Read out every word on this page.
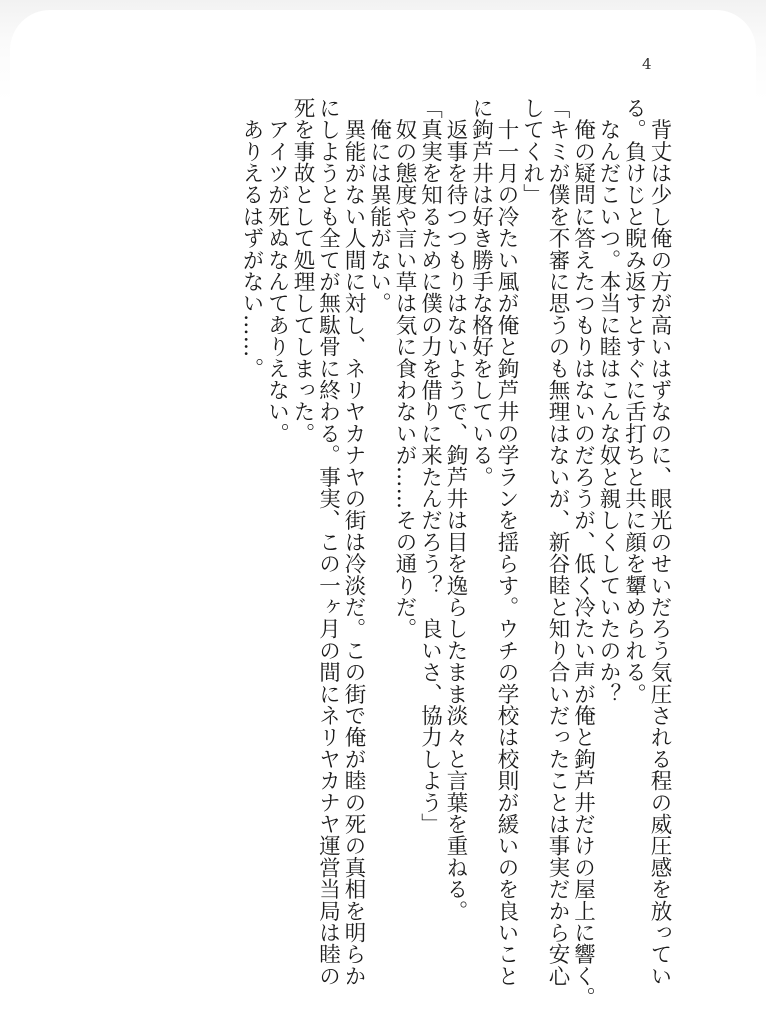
4
　背丈は少し俺の方が高いはずなのに、眼光のせいだろう気圧される程の威圧感を放ってい
る。負けじと睨み返すとすぐに舌打ちと共に顔を顰められる。
　なんだこいつ。本当に睦はこんな奴と親しくしていたのか？
　俺の疑問に答えたつもりはないのだろうが、低く冷たい声が俺と鉤芦井だけの屋上に響く。
「キミが僕を不審に思うのも無理はないが、新谷睦と知り合いだったことは事実だから安心
してくれ」
　十一月の冷たい風が俺と鉤芦井の学ランを揺らす。ウチの学校は校則が緩いのを良いこと
に鉤芦井は好き勝手な格好をしている。
　返事を待つつもりはないようで、鉤芦井は目を逸らしたまま淡々と言葉を重ねる。
「真実を知るために僕の力を借りに来たんだろう？　良いさ、協力しよう」
　奴の態度や言い草は気に食わないが……その通りだ。
　俺には異能がない。
　異能がない人間に対し、ネリヤカナヤの街は冷淡だ。この街で俺が睦の死の真相を明らか
にしようとも全てが無駄骨に終わる。事実、この一ヶ月の間にネリヤカナヤ運営当局は睦の
死を事故として処理してしまった。
　アイツが死ぬなんてありえない。
　ありえるはずがない……。
